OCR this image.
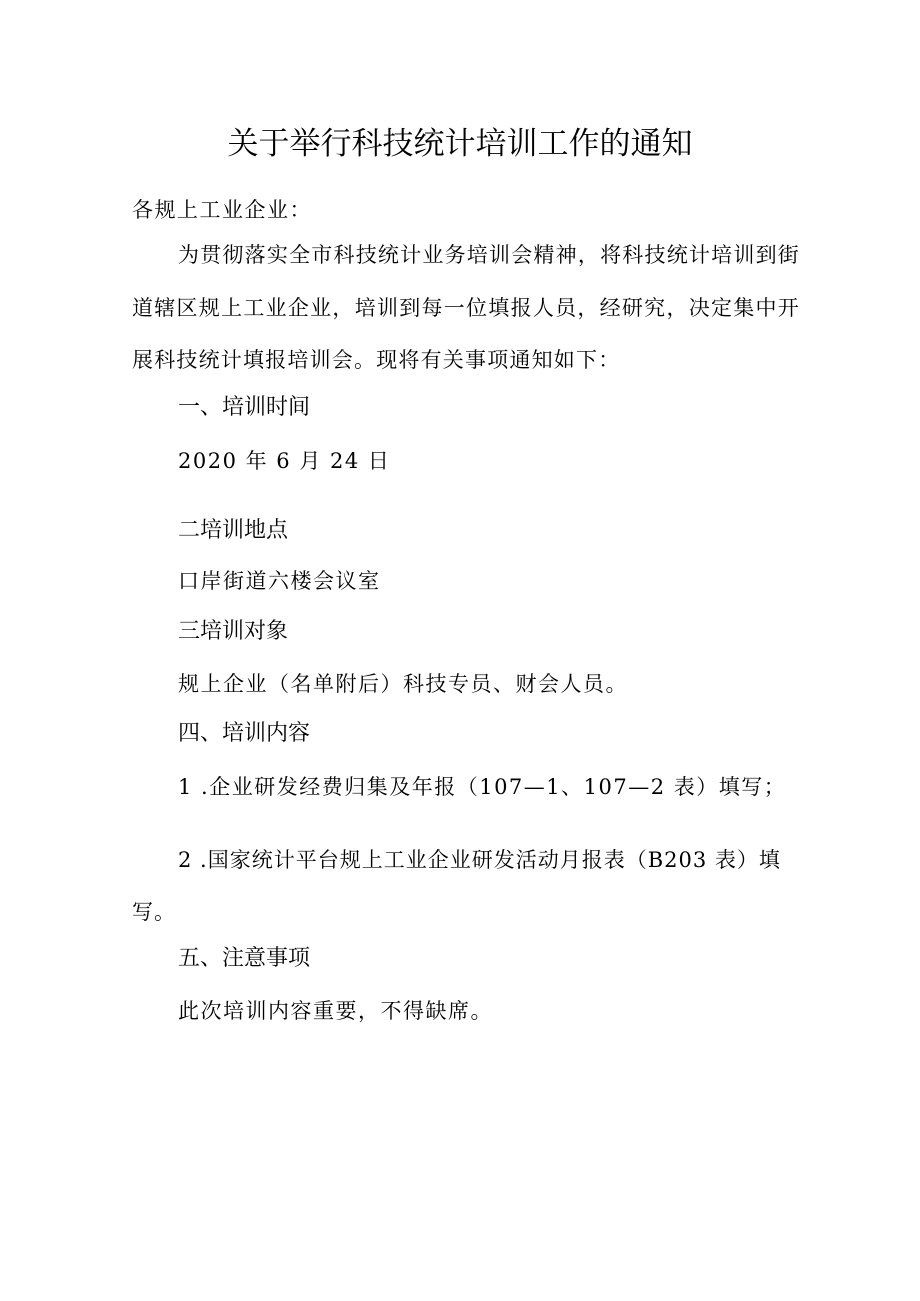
关于举行科技统计培训工作的通知

各规上工业企业：

为贯彻落实全市科技统计业务培训会精神，将科技统计培训到街道辖区规上工业企业，培训到每一位填报人员，经研究，决定集中开展科技统计填报培训会。现将有关事项通知如下：

一、培训时间

2020 年 6 月 24 日

二培训地点

口岸街道六楼会议室

三培训对象

规上企业（名单附后）科技专员、财会人员。

四、培训内容

1 .企业研发经费归集及年报（107—1、107—2 表）填写；

2 .国家统计平台规上工业企业研发活动月报表（B203 表）填写。

五、注意事项

此次培训内容重要，不得缺席。
